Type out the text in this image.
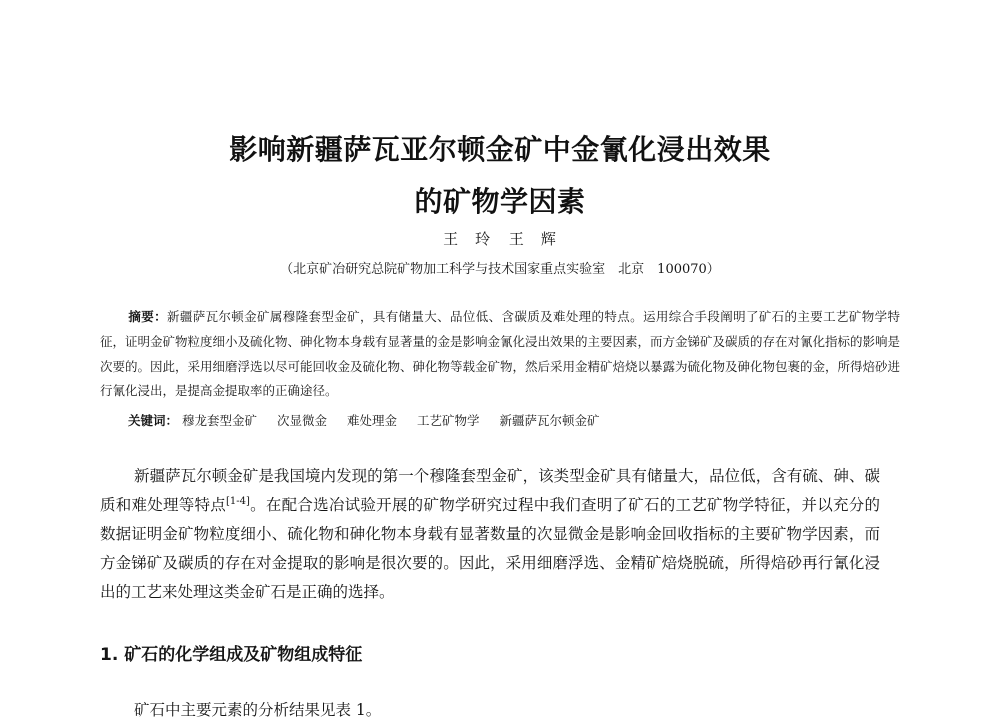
影响新疆萨瓦亚尔顿金矿中金氰化浸出效果
的矿物学因素
王　玲 王　辉
（北京矿冶研究总院矿物加工科学与技术国家重点实验室　北京　100070）
摘要：新疆萨瓦尔顿金矿属穆隆套型金矿，具有储量大、品位低、含碳质及难处理的特点。运用综合手段阐明了矿石的主要工艺矿物学特征，证明金矿物粒度细小及硫化物、砷化物本身载有显著量的金是影响金氰化浸出效果的主要因素，而方金锑矿及碳质的存在对氰化指标的影响是次要的。因此，采用细磨浮选以尽可能回收金及硫化物、砷化物等载金矿物，然后采用金精矿焙烧以暴露为硫化物及砷化物包裹的金，所得焙砂进行氰化浸出，是提高金提取率的正确途径。
关键词： 穆龙套型金矿 次显微金 难处理金 工艺矿物学 新疆萨瓦尔顿金矿
新疆萨瓦尔顿金矿是我国境内发现的第一个穆隆套型金矿，该类型金矿具有储量大，品位低，含有硫、砷、碳质和难处理等特点[1-4]。在配合选冶试验开展的矿物学研究过程中我们查明了矿石的工艺矿物学特征，并以充分的数据证明金矿物粒度细小、硫化物和砷化物本身载有显著数量的次显微金是影响金回收指标的主要矿物学因素，而方金锑矿及碳质的存在对金提取的影响是很次要的。因此，采用细磨浮选、金精矿焙烧脱硫，所得焙砂再行氰化浸出的工艺来处理这类金矿石是正确的选择。
1. 矿石的化学组成及矿物组成特征
矿石中主要元素的分析结果见表 1。
